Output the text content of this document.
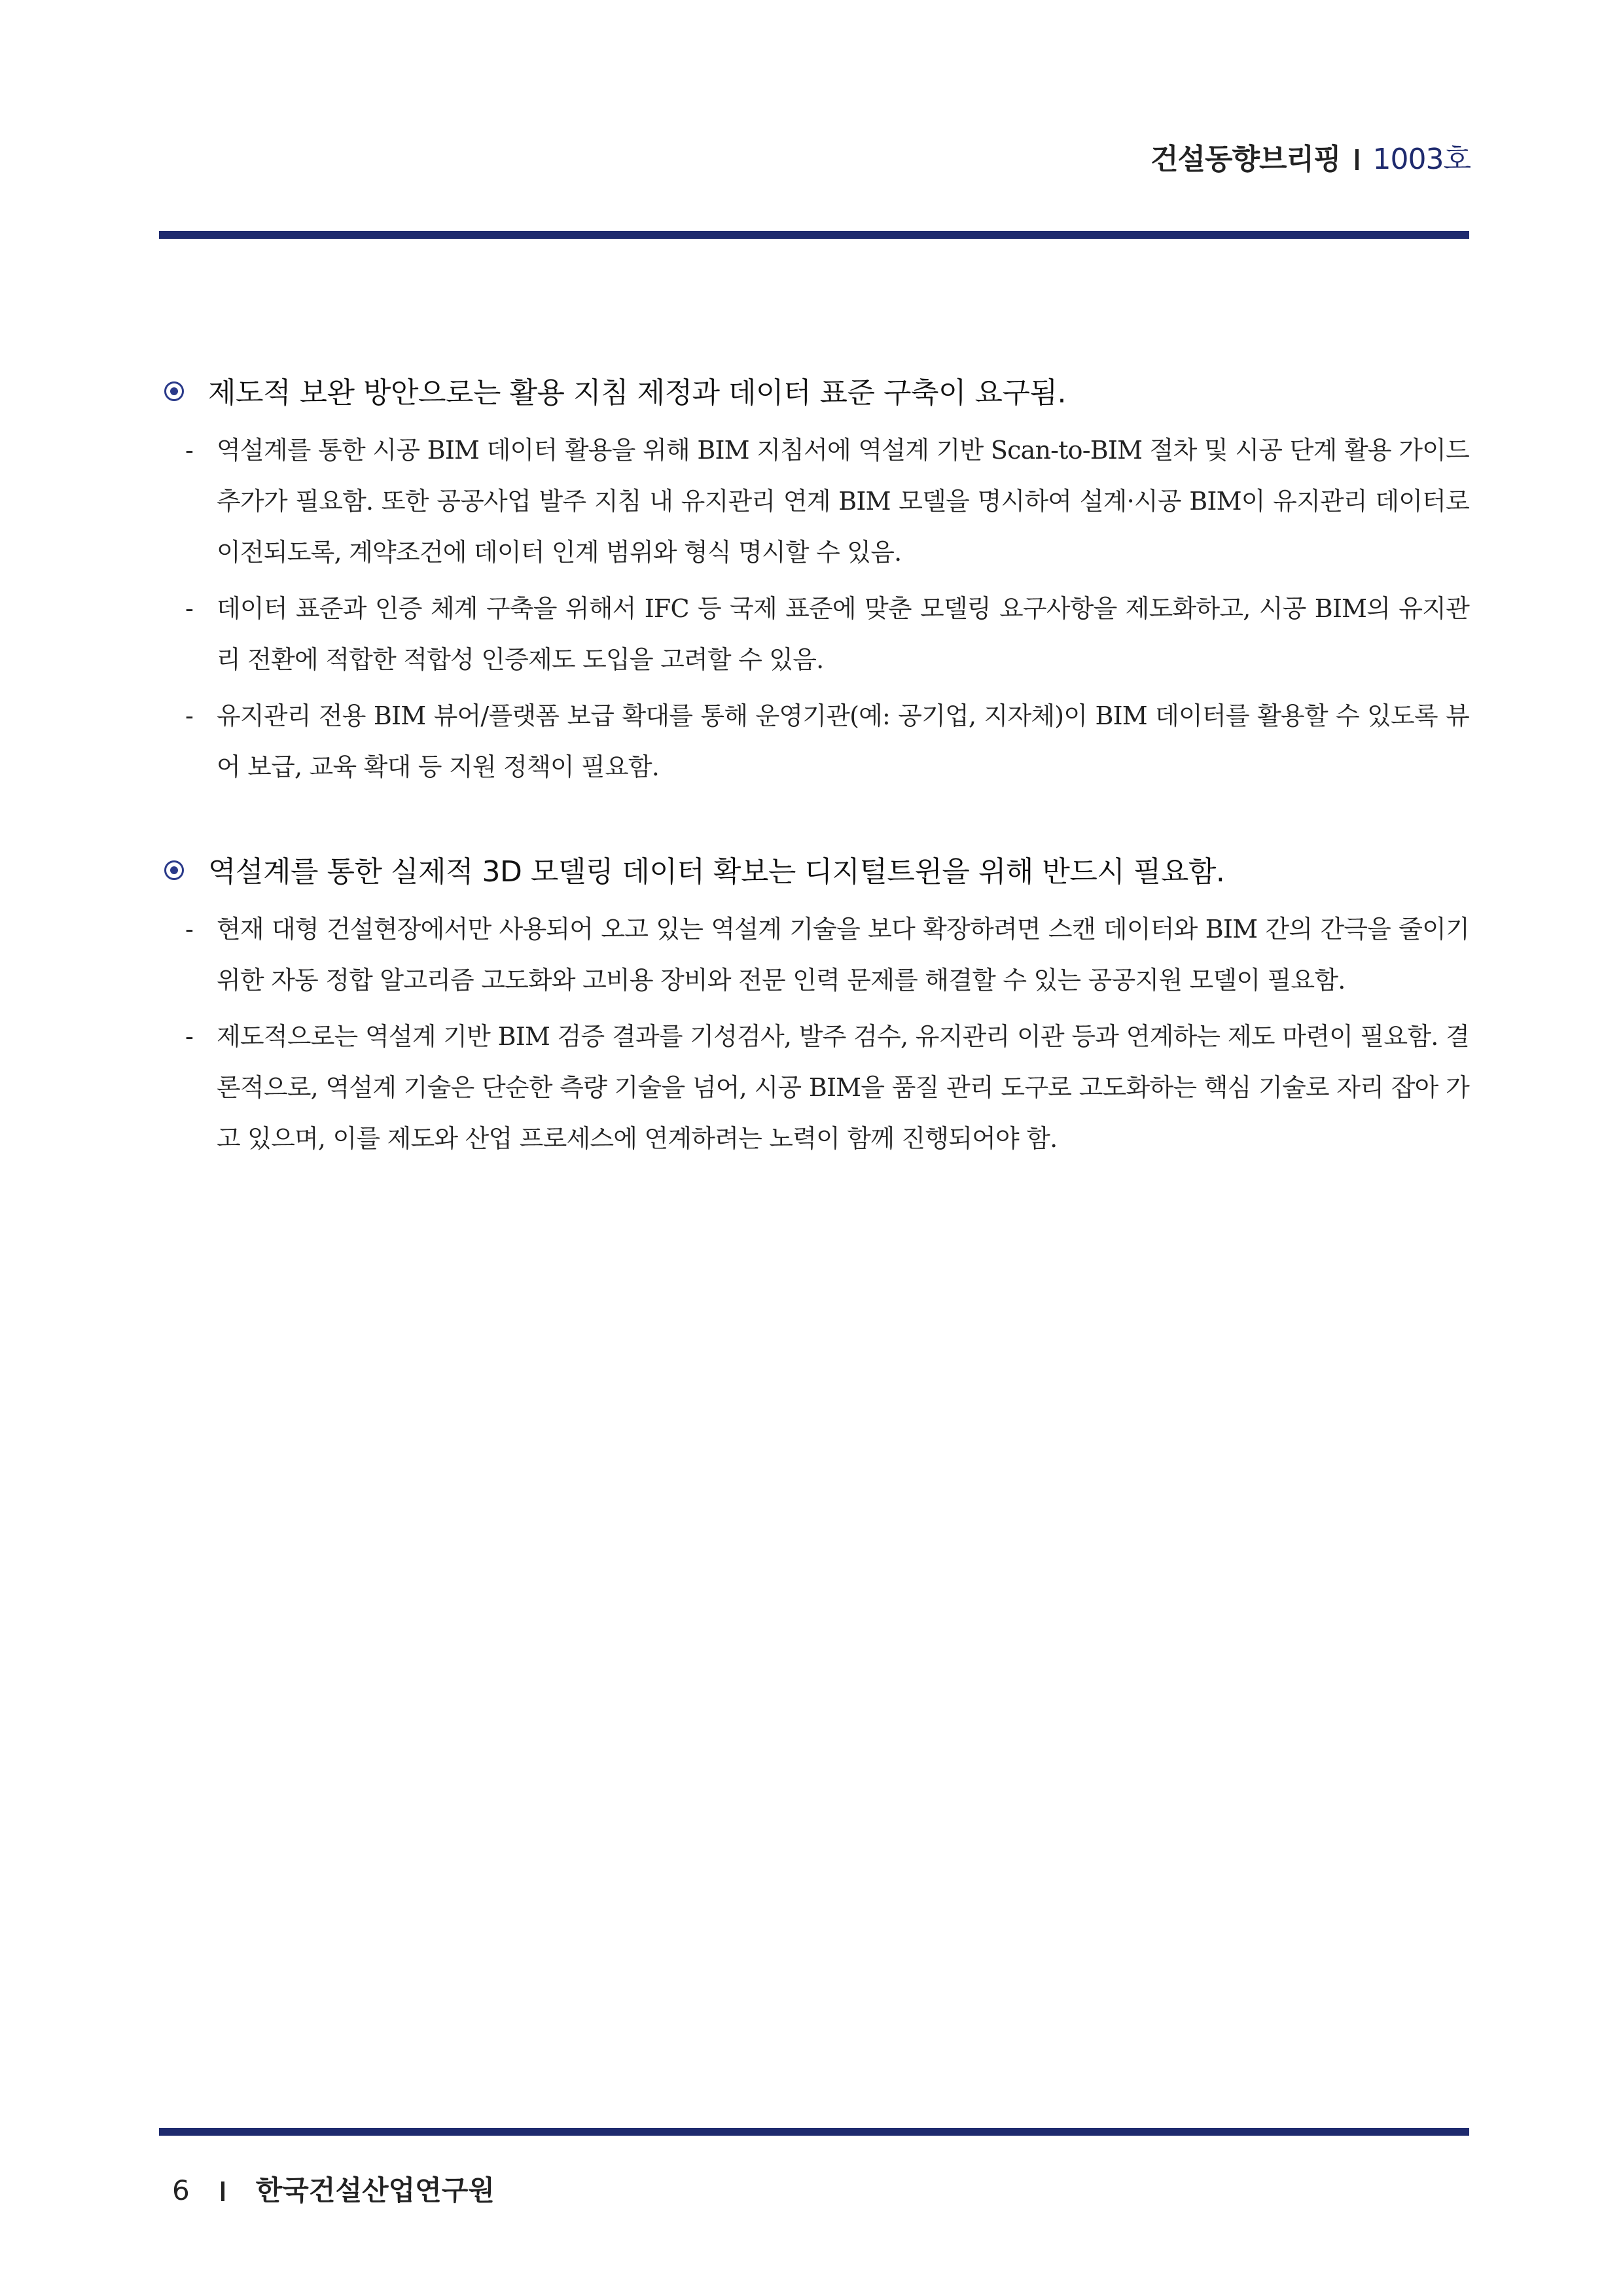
건설동향브리핑 1003호
제도적 보완 방안으로는 활용 지침 제정과 데이터 표준 구축이 요구됨.
- 역설계를 통한 시공 BIM 데이터 활용을 위해 BIM 지침서에 역설계 기반 Scan-to-BIM 절차 및 시공 단계 활용 가이드 추가가 필요함. 또한 공공사업 발주 지침 내 유지관리 연계 BIM 모델을 명시하여 설계·시공 BIM이 유지관리 데이터로 이전되도록, 계약조건에 데이터 인계 범위와 형식 명시할 수 있음.

- 데이터 표준과 인증 체계 구축을 위해서 IFC 등 국제 표준에 맞춘 모델링 요구사항을 제도화하고, 시공 BIM의 유지관리 전환에 적합한 적합성 인증제도 도입을 고려할 수 있음.

- 유지관리 전용 BIM 뷰어/플랫폼 보급 확대를 통해 운영기관(예: 공기업, 지자체)이 BIM 데이터를 활용할 수 있도록 뷰어 보급, 교육 확대 등 지원 정책이 필요함.

역설계를 통한 실제적 3D 모델링 데이터 확보는 디지털트윈을 위해 반드시 필요함.
- 현재 대형 건설현장에서만 사용되어 오고 있는 역설계 기술을 보다 확장하려면 스캔 데이터와 BIM 간의 간극을 줄이기 위한 자동 정합 알고리즘 고도화와 고비용 장비와 전문 인력 문제를 해결할 수 있는 공공지원 모델이 필요함.

- 제도적으로는 역설계 기반 BIM 검증 결과를 기성검사, 발주 검수, 유지관리 이관 등과 연계하는 제도 마련이 필요함. 결론적으로, 역설계 기술은 단순한 측량 기술을 넘어, 시공 BIM을 품질 관리 도구로 고도화하는 핵심 기술로 자리 잡아 가고 있으며, 이를 제도와 산업 프로세스에 연계하려는 노력이 함께 진행되어야 함.

6 한국건설산업연구원
